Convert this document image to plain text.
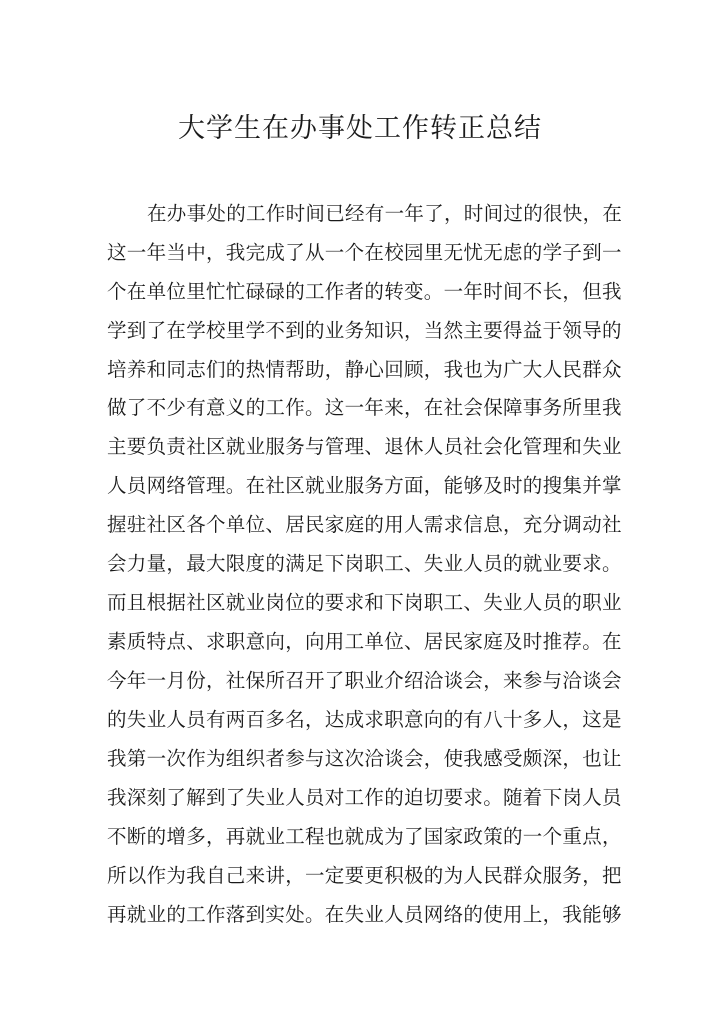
大学生在办事处工作转正总结
在办事处的工作时间已经有一年了，时间过的很快，在
这一年当中，我完成了从一个在校园里无忧无虑的学子到一
个在单位里忙忙碌碌的工作者的转变。一年时间不长，但我
学到了在学校里学不到的业务知识，当然主要得益于领导的
培养和同志们的热情帮助，静心回顾，我也为广大人民群众
做了不少有意义的工作。这一年来，在社会保障事务所里我
主要负责社区就业服务与管理、退休人员社会化管理和失业
人员网络管理。在社区就业服务方面，能够及时的搜集并掌
握驻社区各个单位、居民家庭的用人需求信息，充分调动社
会力量，最大限度的满足下岗职工、失业人员的就业要求。
而且根据社区就业岗位的要求和下岗职工、失业人员的职业
素质特点、求职意向，向用工单位、居民家庭及时推荐。在
今年一月份，社保所召开了职业介绍洽谈会，来参与洽谈会
的失业人员有两百多名，达成求职意向的有八十多人，这是
我第一次作为组织者参与这次洽谈会，使我感受颇深，也让
我深刻了解到了失业人员对工作的迫切要求。随着下岗人员
不断的增多，再就业工程也就成为了国家政策的一个重点，
所以作为我自己来讲，一定要更积极的为人民群众服务，把
再就业的工作落到实处。在失业人员网络的使用上，我能够
